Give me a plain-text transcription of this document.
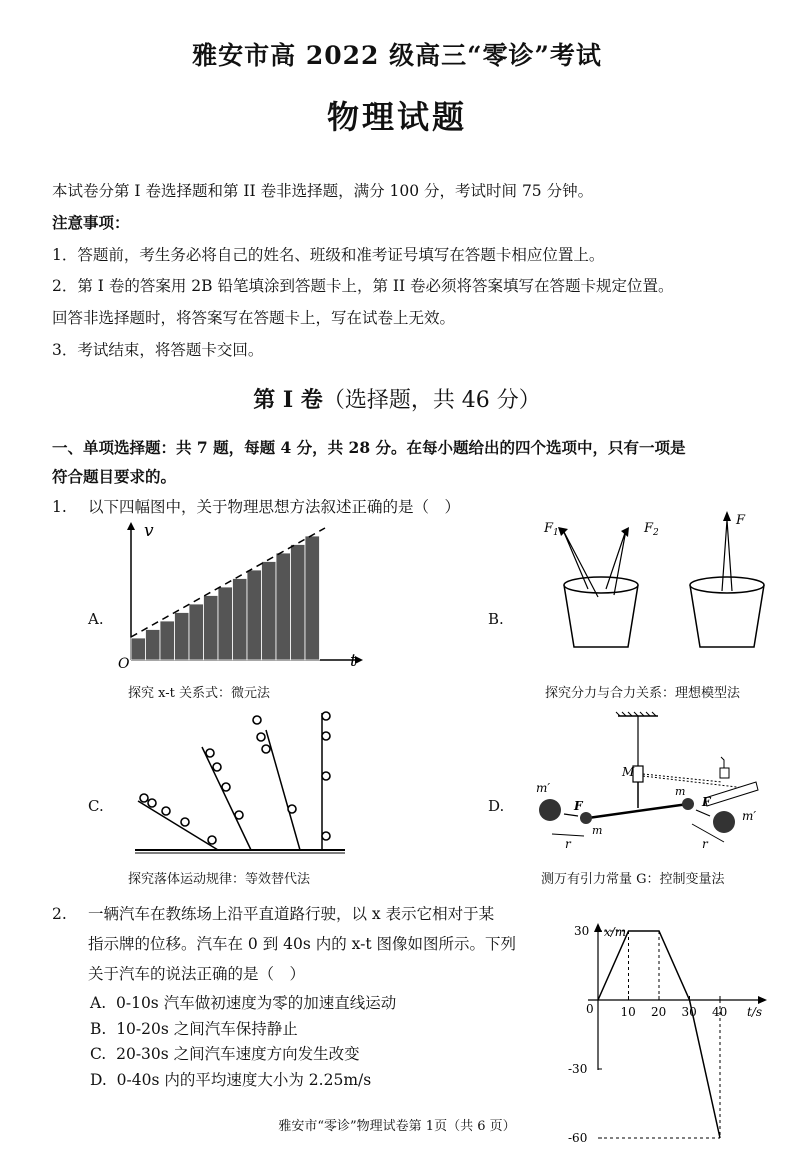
雅安市高 2022 级高三“零诊”考试
物理试题
本试卷分第 I 卷选择题和第 II 卷非选择题，满分 100 分，考试时间 75 分钟。
注意事项：
1．答题前，考生务必将自己的姓名、班级和准考证号填写在答题卡相应位置上。
2．第 I 卷的答案用 2B 铅笔填涂到答题卡上，第 II 卷必须将答案填写在答题卡规定位置。
回答非选择题时，将答案写在答题卡上，写在试卷上无效。
3．考试结束，将答题卡交回。
第 I 卷（选择题，共 46 分）
一、单项选择题：共 7 题，每题 4 分，共 28 分。在每小题给出的四个选项中，只有一项是
符合题目要求的。
1. 以下四幅图中，关于物理思想方法叙述正确的是（　）
A.
v
t
O
探究 x-t 关系式：微元法
B.
$F_1$	$F_2$
F
探究分力与合力关系：理想模型法
C.
探究落体运动规律：等效替代法
D.
M
m′
m′
m
m
F	F
r	r
测万有引力常量 G：控制变量法
2. 一辆汽车在教练场上沿平直道路行驶，以 x 表示它相对于某
指示牌的位移。汽车在 0 到 40s 内的 x-t 图像如图所示。下列
关于汽车的说法正确的是（　）
A. 0-10s 汽车做初速度为零的加速直线运动
B. 10-20s 之间汽车保持静止
C. 20-30s 之间汽车速度方向发生改变
D. 0-40s 内的平均速度大小为 2.25m/s
10 20 30 40
30
-30
-60
x/m
t/s
0
雅安市“零诊”物理试卷第 1页（共 6 页）
